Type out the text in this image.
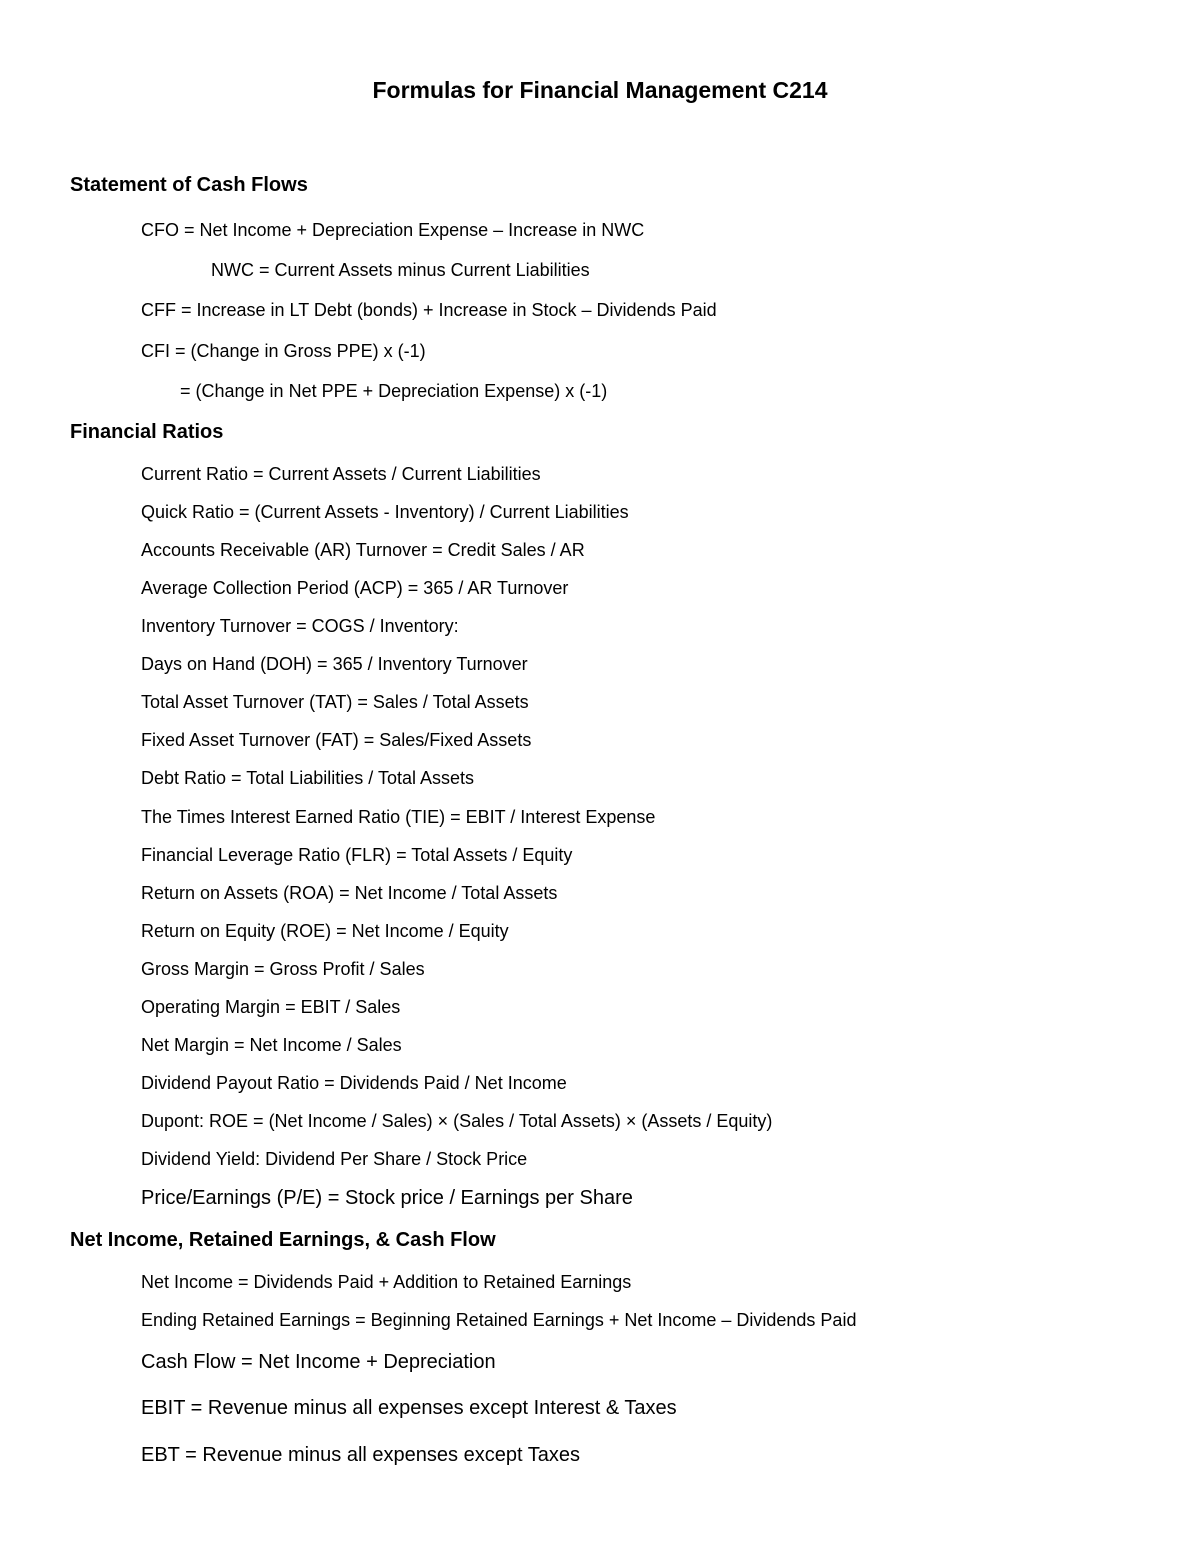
Formulas for Financial Management C214
Statement of Cash Flows
CFO = Net Income + Depreciation Expense – Increase in NWC
NWC = Current Assets minus Current Liabilities
CFF = Increase in LT Debt (bonds) + Increase in Stock – Dividends Paid
CFI = (Change in Gross PPE) x (-1)
= (Change in Net PPE + Depreciation Expense) x (-1)
Financial Ratios
Current Ratio = Current Assets / Current Liabilities
Quick Ratio = (Current Assets - Inventory) / Current Liabilities
Accounts Receivable (AR) Turnover = Credit Sales / AR
Average Collection Period (ACP) = 365 / AR Turnover
Inventory Turnover = COGS / Inventory:
Days on Hand (DOH) = 365 / Inventory Turnover
Total Asset Turnover (TAT) = Sales / Total Assets
Fixed Asset Turnover (FAT) = Sales/Fixed Assets
Debt Ratio = Total Liabilities / Total Assets
The Times Interest Earned Ratio (TIE) = EBIT / Interest Expense
Financial Leverage Ratio (FLR) = Total Assets / Equity
Return on Assets (ROA) = Net Income / Total Assets
Return on Equity (ROE) = Net Income / Equity
Gross Margin = Gross Profit / Sales
Operating Margin = EBIT / Sales
Net Margin = Net Income / Sales
Dividend Payout Ratio = Dividends Paid / Net Income
Dupont: ROE = (Net Income / Sales) × (Sales / Total Assets) × (Assets / Equity)
Dividend Yield: Dividend Per Share / Stock Price
Price/Earnings (P/E) = Stock price / Earnings per Share
Net Income, Retained Earnings, & Cash Flow
Net Income = Dividends Paid + Addition to Retained Earnings
Ending Retained Earnings = Beginning Retained Earnings + Net Income – Dividends Paid
Cash Flow = Net Income + Depreciation
EBIT = Revenue minus all expenses except Interest & Taxes
EBT = Revenue minus all expenses except Taxes
